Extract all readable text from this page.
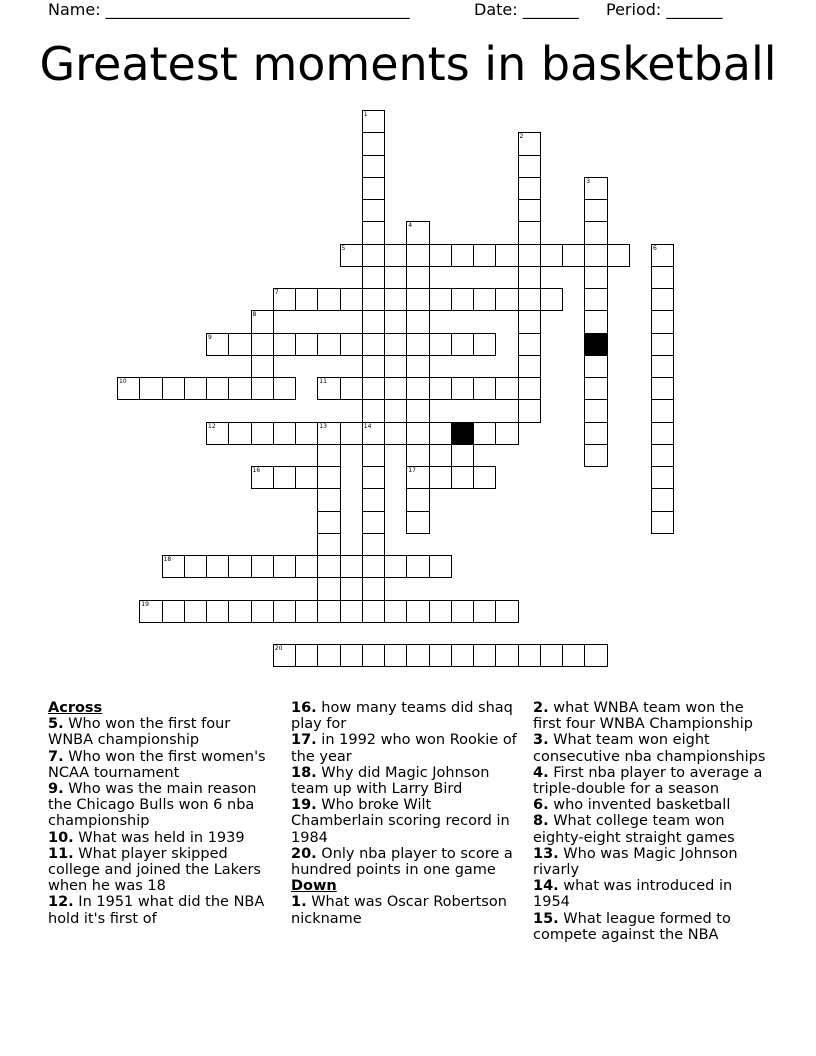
Name: ______________________________________	Date: _______ Period: _______
Greatest moments in basketball
1
14
2
3
4
17
5	6
7
8
9
10	11
12	13
16
18
19
20
Across

5. Who won the first four WNBA championship

7. Who won the first women's NCAA tournament

9. Who was the main reason the Chicago Bulls won 6 nba championship

10. What was held in 1939

11. What player skipped college and joined the Lakers when he was 18

12. In 1951 what did the NBA hold it's first of

16. how many teams did shaq play for

17. in 1992 who won Rookie of the year

18. Why did Magic Johnson team up with Larry Bird

19. Who broke Wilt Chamberlain scoring record in 1984

20. Only nba player to score a hundred points in one game

Down

1. What was Oscar Robertson nickname

2. what WNBA team won the first four WNBA Championship

3. What team won eight consecutive nba championships

4. First nba player to average a triple-double for a season

6. who invented basketball

8. What college team won eighty-eight straight games

13. Who was Magic Johnson rivarly

14. what was introduced in 1954

15. What league formed to compete against the NBA
